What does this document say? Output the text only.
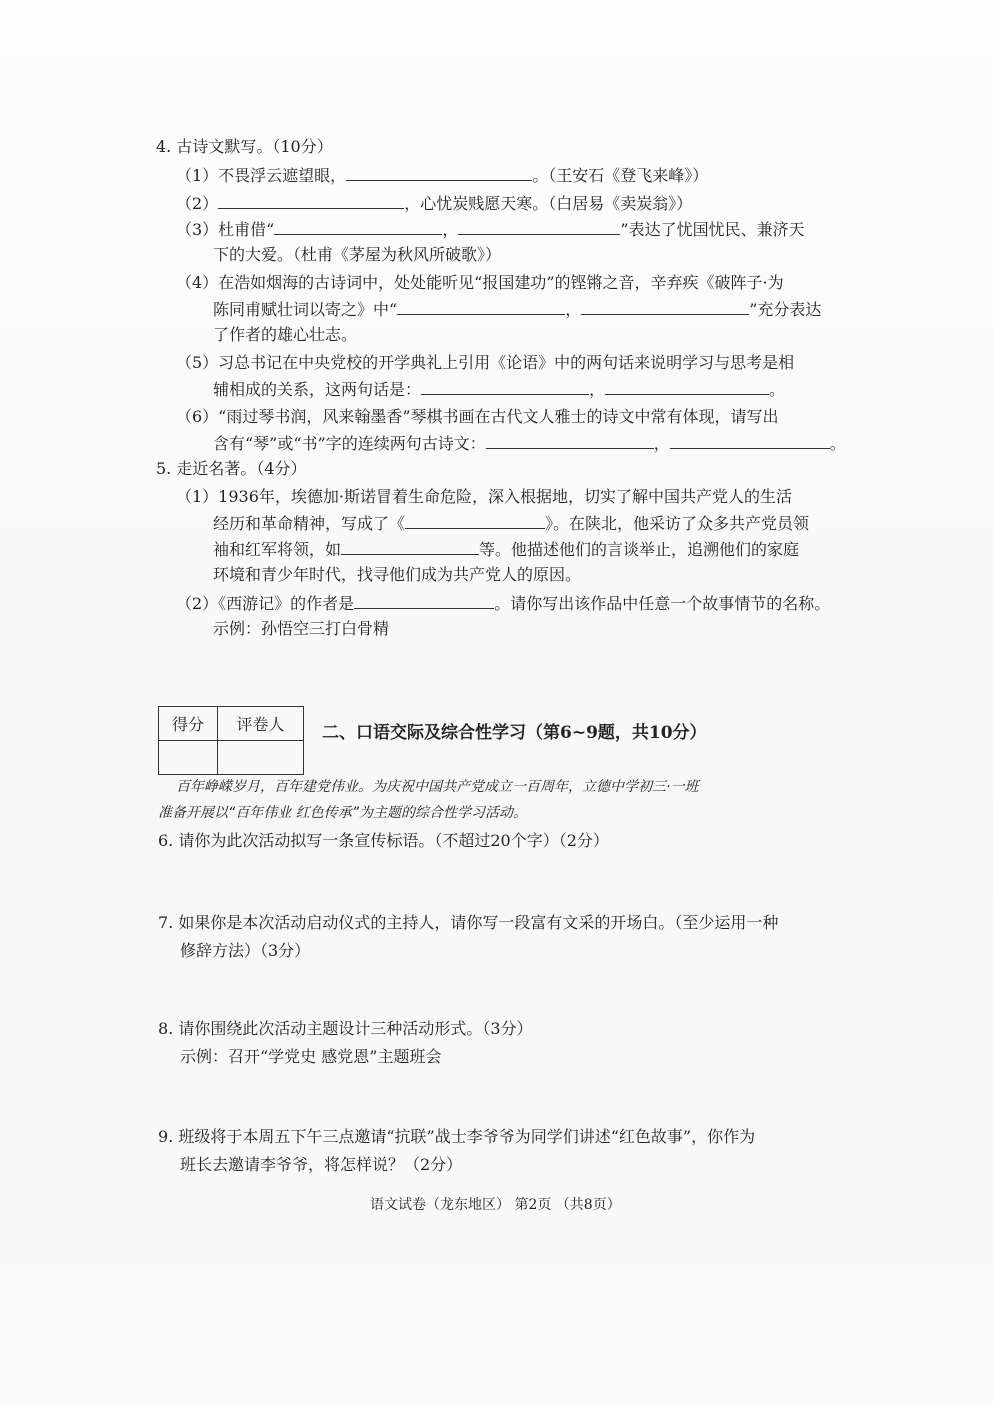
4. 古诗文默写。（10分）
（1）不畏浮云遮望眼，	。（王安石《登飞来峰》）
（2）	，心忧炭贱愿天寒。（白居易《卖炭翁》）
（3）杜甫借“	，	”表达了忧国忧民、兼济天
下的大爱。（杜甫《茅屋为秋风所破歌》）
（4）在浩如烟海的古诗词中，处处能听见“报国建功”的铿锵之音，辛弃疾《破阵子·为
陈同甫赋壮词以寄之》中“	，	”充分表达
了作者的雄心壮志。
（5）习总书记在中央党校的开学典礼上引用《论语》中的两句话来说明学习与思考是相
辅相成的关系，这两句话是：	，	。
（6）“雨过琴书润，风来翰墨香”琴棋书画在古代文人雅士的诗文中常有体现，请写出
含有“琴”或“书”字的连续两句古诗文：	，	。
5. 走近名著。（4分）
（1）1936年，埃德加·斯诺冒着生命危险，深入根据地，切实了解中国共产党人的生活
经历和革命精神，写成了《	》。在陕北，他采访了众多共产党员领
袖和红军将领，如	等。他描述他们的言谈举止，追溯他们的家庭
环境和青少年时代，找寻他们成为共产党人的原因。
（2）《西游记》的作者是	。请你写出该作品中任意一个故事情节的名称。
示例：孙悟空三打白骨精
得分	评卷人
	二、口语交际及综合性学习（第6~9题，共10分）
百年峥嵘岁月，百年建党伟业。为庆祝中国共产党成立一百周年，立德中学初三·一班
准备开展以“百年伟业 红色传承”为主题的综合性学习活动。
6. 请你为此次活动拟写一条宣传标语。（不超过20个字）（2分）
7. 如果你是本次活动启动仪式的主持人，请你写一段富有文采的开场白。（至少运用一种
修辞方法）（3分）
8. 请你围绕此次活动主题设计三种活动形式。（3分）
示例：召开“学党史 感党恩”主题班会
9. 班级将于本周五下午三点邀请“抗联”战士李爷爷为同学们讲述“红色故事”，你作为
班长去邀请李爷爷，将怎样说？（2分）
语文试卷（龙东地区） 第2页 （共8页）
